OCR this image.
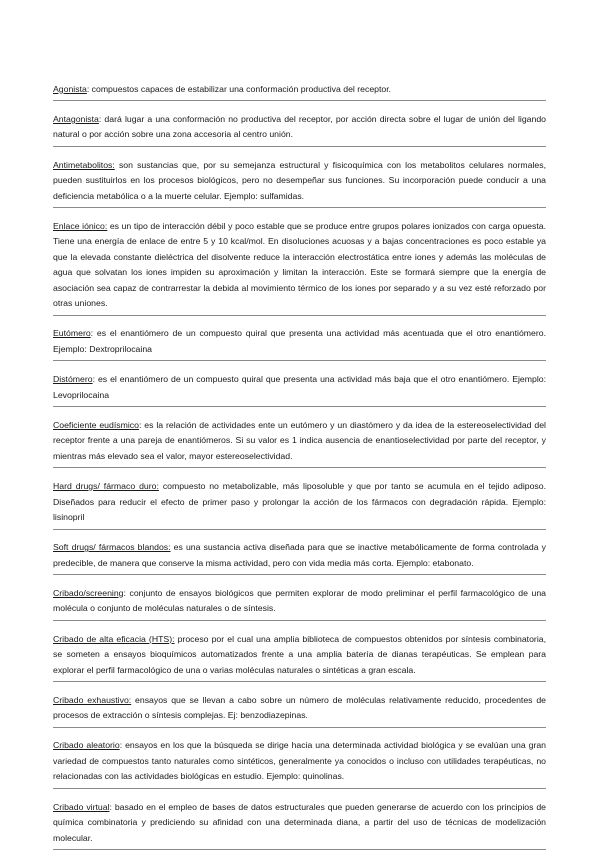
Agonista: compuestos capaces de estabilizar una conformación productiva del receptor.

Antagonista: dará lugar a una conformación no productiva del receptor, por acción directa sobre el lugar de unión del ligando natural o por acción sobre una zona accesoria al centro unión.

Antimetabolitos: son sustancias que, por su semejanza estructural y fisicoquímica con los metabolitos celulares normales, pueden sustituirlos en los procesos biológicos, pero no desempeñar sus funciones. Su incorporación puede conducir a una deficiencia metabólica o a la muerte celular. Ejemplo: sulfamidas.

Enlace iónico: es un tipo de interacción débil y poco estable que se produce entre grupos polares ionizados con carga opuesta. Tiene una energía de enlace de entre 5 y 10 kcal/mol. En disoluciones acuosas y a bajas concentraciones es poco estable ya que la elevada constante dieléctrica del disolvente reduce la interacción electrostática entre iones y además las moléculas de agua que solvatan los iones impiden su aproximación y limitan la interacción. Este se formará siempre que la energía de asociación sea capaz de contrarrestar la debida al movimiento térmico de los iones por separado y a su vez esté reforzado por otras uniones.

Eutómero: es el enantiómero de un compuesto quiral que presenta una actividad más acentuada que el otro enantiómero. Ejemplo: Dextroprilocaina

Distómero: es el enantiómero de un compuesto quiral que presenta una actividad más baja que el otro enantiómero. Ejemplo: Levoprilocaina

Coeficiente eudísmico: es la relación de actividades ente un eutómero y un diastómero y da idea de la estereoselectividad del receptor frente a una pareja de enantiómeros. Si su valor es 1 indica ausencia de enantioselectividad por parte del receptor, y mientras más elevado sea el valor, mayor estereoselectividad.

Hard drugs/ fármaco duro: compuesto no metabolizable, más liposoluble y que por tanto se acumula en el tejido adiposo. Diseñados para reducir el efecto de primer paso y prolongar la acción de los fármacos con degradación rápida. Ejemplo: lisinopril

Soft drugs/ fármacos blandos: es una sustancia activa diseñada para que se inactive metabólicamente de forma controlada y predecible, de manera que conserve la misma actividad, pero con vida media más corta. Ejemplo: etabonato.

Cribado/screening: conjunto de ensayos biológicos que permiten explorar de modo preliminar el perfil farmacológico de una molécula o conjunto de moléculas naturales o de síntesis.

Cribado de alta eficacia (HTS): proceso por el cual una amplia biblioteca de compuestos obtenidos por síntesis combinatoria, se someten a ensayos bioquímicos automatizados frente a una amplia batería de dianas terapéuticas. Se emplean para explorar el perfil farmacológico de una o varias moléculas naturales o sintéticas a gran escala.

Cribado exhaustivo: ensayos que se llevan a cabo sobre un número de moléculas relativamente reducido, procedentes de procesos de extracción o síntesis complejas. Ej: benzodiazepinas.

Cribado aleatorio: ensayos en los que la búsqueda se dirige hacia una determinada actividad biológica y se evalúan una gran variedad de compuestos tanto naturales como sintéticos, generalmente ya conocidos o incluso con utilidades terapéuticas, no relacionadas con las actividades biológicas en estudio. Ejemplo: quinolinas.

Cribado virtual: basado en el empleo de bases de datos estructurales que pueden generarse de acuerdo con los principios de química combinatoria y prediciendo su afinidad con una determinada diana, a partir del uso de técnicas de modelización molecular.
